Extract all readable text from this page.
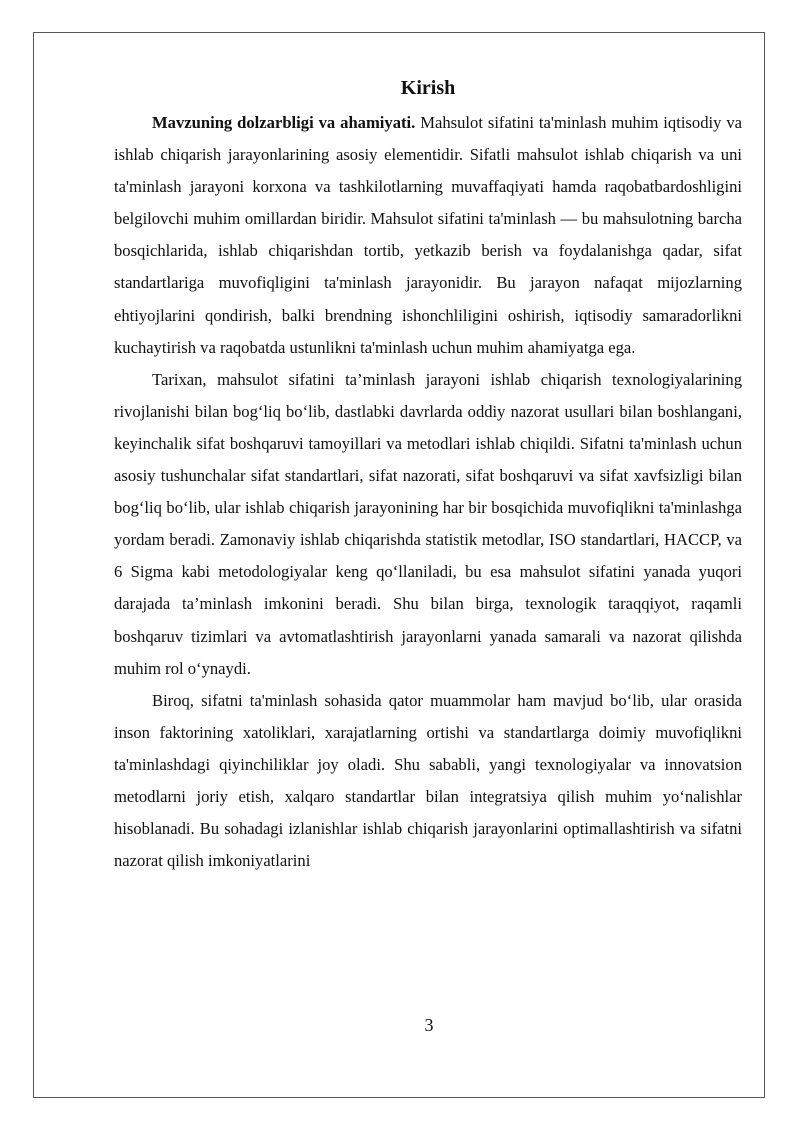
Kirish

Mavzuning dolzarbligi va ahamiyati. Mahsulot sifatini ta'minlash muhim iqtisodiy va ishlab chiqarish jarayonlarining asosiy elementidir. Sifatli mahsulot ishlab chiqarish va uni ta'minlash jarayoni korxona va tashkilotlarning muvaffaqiyati hamda raqobatbardoshligini belgilovchi muhim omillardan biridir. Mahsulot sifatini ta'minlash — bu mahsulotning barcha bosqichlarida, ishlab chiqarishdan tortib, yetkazib berish va foydalanishga qadar, sifat standartlariga muvofiqligini ta'minlash jarayonidir. Bu jarayon nafaqat mijozlarning ehtiyojlarini qondirish, balki brendning ishonchliligini oshirish, iqtisodiy samaradorlikni kuchaytirish va raqobatda ustunlikni ta'minlash uchun muhim ahamiyatga ega.

Tarixan, mahsulot sifatini ta’minlash jarayoni ishlab chiqarish texnologiyalarining rivojlanishi bilan bog‘liq bo‘lib, dastlabki davrlarda oddiy nazorat usullari bilan boshlangani, keyinchalik sifat boshqaruvi tamoyillari va metodlari ishlab chiqildi. Sifatni ta'minlash uchun asosiy tushunchalar sifat standartlari, sifat nazorati, sifat boshqaruvi va sifat xavfsizligi bilan bog‘liq bo‘lib, ular ishlab chiqarish jarayonining har bir bosqichida muvofiqlikni ta'minlashga yordam beradi. Zamonaviy ishlab chiqarishda statistik metodlar, ISO standartlari, HACCP, va 6 Sigma kabi metodologiyalar keng qo‘llaniladi, bu esa mahsulot sifatini yanada yuqori darajada ta’minlash imkonini beradi. Shu bilan birga, texnologik taraqqiyot, raqamli boshqaruv tizimlari va avtomatlashtirish jarayonlarni yanada samarali va nazorat qilishda muhim rol o‘ynaydi.

Biroq, sifatni ta'minlash sohasida qator muammolar ham mavjud bo‘lib, ular orasida inson faktorining xatoliklari, xarajatlarning ortishi va standartlarga doimiy muvofiqlikni ta'minlashdagi qiyinchiliklar joy oladi. Shu sababli, yangi texnologiyalar va innovatsion metodlarni joriy etish, xalqaro standartlar bilan integratsiya qilish muhim yo‘nalishlar hisoblanadi. Bu sohadagi izlanishlar ishlab chiqarish jarayonlarini optimallashtirish va sifatni nazorat qilish imkoniyatlarini

3
